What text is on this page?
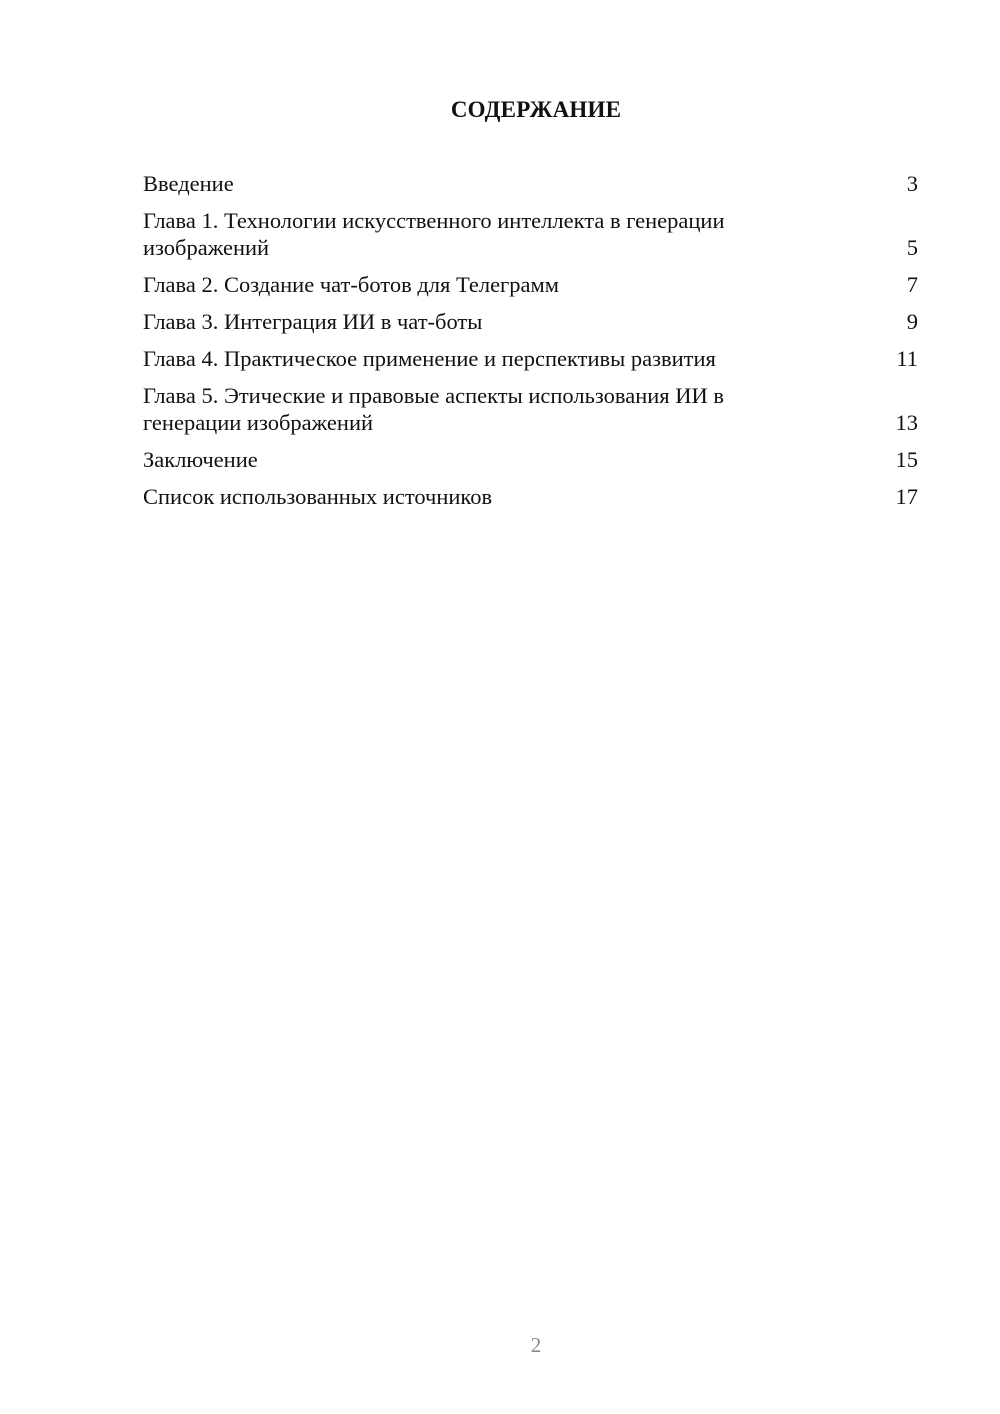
СОДЕРЖАНИЕ
Введение	3
Глава 1. Технологии искусственного интеллекта в генерации изображений	5
Глава 2. Создание чат-ботов для Телеграмм	7
Глава 3. Интеграция ИИ в чат-боты	9
Глава 4. Практическое применение и перспективы развития	11
Глава 5. Этические и правовые аспекты использования ИИ в генерации изображений	13
Заключение	15
Список использованных источников	17
2
